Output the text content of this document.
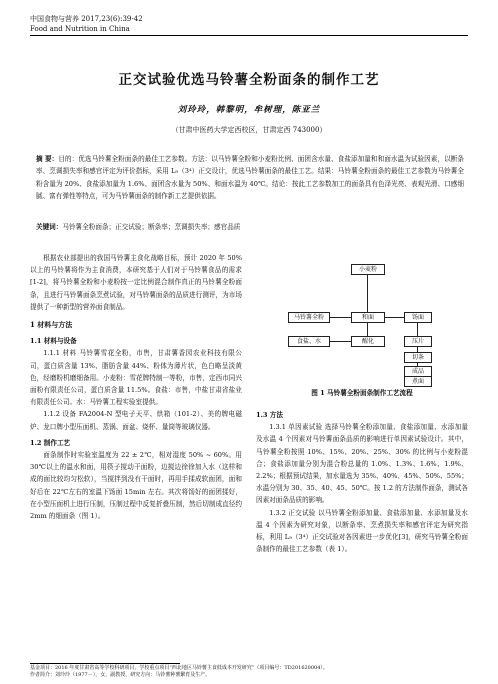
中国食物与营养 2017,23(6):39-42
Food and Nutrition in China
正交试验优选马铃薯全粉面条的制作工艺
刘玲玲，韩黎明，牟树理，陈亚兰
（甘肃中医药大学定西校区，甘肃定西 743000）
摘 要：目的：优选马铃薯全粉面条的最佳工艺参数。方法：以马铃薯全粉和小麦粉比例、面团含水量、食盐添加量和和面水温为试验因素，以断条率、烹调损失率和感官评定为评价指标，采用 L₉（3⁴）正交设计，优选马铃薯面条的最佳工艺。结果：马铃薯全粉面条的最佳工艺参数为马铃薯全粉含量为 20%、食盐添加量为 1.6%、面团含水量为 50%、和面水温为 40℃。结论：按此工艺参数加工的面条具有色泽光亮、表观光滑、口感细腻、富有弹性等特点，可为马铃薯面条的制作新工艺提供依据。
关键词：马铃薯全粉面条；正交试验；断条率；烹调损失率；感官品质

根据农业部提出的我国马铃薯主食化战略目标，预计 2020 年 50% 以上的马铃薯将作为主食消费，本研究基于人们对于马铃薯食品的需求[1-2]，将马铃薯全粉和小麦粉按一定比例混合制作真正的马铃薯全粉面条，且进行马铃薯面条烹煮试验，对马铃薯面条的品质进行测评，为市场提供了一种新型的营养面食制品。

1 材料与方法

1.1 材料与设备

1.1.1 材料 马铃薯雪花全粉，市售，甘肃薯香园农业科技有限公司，蛋白质含量 13%、脂肪含量 44%、粉体为薄片状，色白略呈淡黄色，经磨粉机磨细备用。小麦粉：雪花牌特制一等粉，市售，定西市同兴面粉有限责任公司，蛋白质含量 11.5%。食盐：市售，中盐甘肃省盐业有限责任公司。水：马铃薯工程实验室提供。

1.1.2 设备 FA2004-N 型电子天平、烘箱（101-2）、美的牌电磁炉、龙口牌小型压面机、蒸锅、面盆、烧杯、量筒等玻璃仪器。

1.2 制作工艺

面条制作时实验室温度为 22 ± 2℃，相对湿度 50% ~ 60%。用 30℃以上的温水和面，用筷子搅动干面粉，边搅边徐徐加入水（这样和成的面比较均匀松软），当搅拌到没有干面时，再用手揉成软面团，面和好后在 22℃左右的室温下饧面 15min 左右。其次将饧好的面团揉好，在小型压面机上进行压制，压制过程中反复折叠压制，然后切制成直径约 2mm 的细面条（图 1）。

小麦粉
马铃薯全粉	和面	饧面
食盐、水	醒化	压片
切条
成品
煮面
图 1 马铃薯全粉面条制作工艺流程

1.3 方法

1.3.1 单因素试验 选择马铃薯全粉添加量、食盐添加量、水添加量及水温 4 个因素对马铃薯面条品质的影响进行单因素试验设计。其中，马铃薯全粉按照 10%、15%、20%、25%、30% 的比例与小麦粉混合；食盐添加量分别为混合粉总量的 1.0%、1.3%、1.6%、1.9%、2.2%；根据预试结果，加水量选为 35%、40%、45%、50%、55%；水温分别为 30、35、40、45、50℃。按 1.2 的方法制作面条，测试各因素对面条品质的影响。

1.3.2 正交试验 以马铃薯全粉添加量、食盐添加量、水添加量及水温 4 个因素为研究对象，以断条率、烹煮损失率和感官评定为研究指标，利用 L₉（3⁴）正交试验对各因素进一步优化[3]，研究马铃薯全粉面条制作的最佳工艺参数（表 1）。

基金项目：2016 年度甘肃省高等学校科研项目，学校重点项目“西北地区马铃薯主食低成本开发研究”（项目编号：TD201620004）。
作者简介：刘玲玲（1977－），女，副教授，研究方向：马铃薯种薯繁育及生产。
